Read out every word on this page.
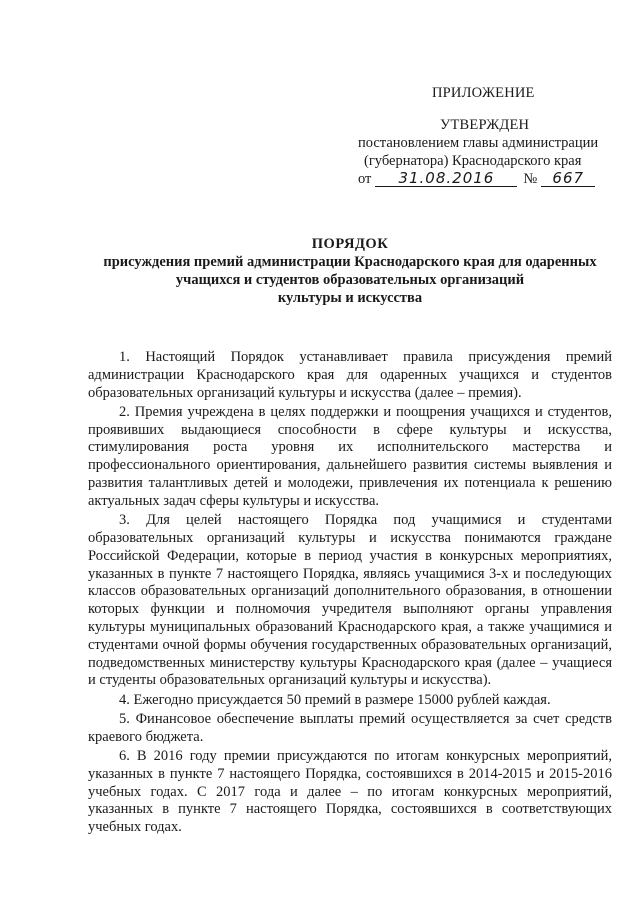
ПРИЛОЖЕНИЕ
УТВЕРЖДЕН
постановлением главы администрации
(губернатора) Краснодарского края
от 31.08.2016 № 667
ПОРЯДОК
присуждения премий администрации Краснодарского края для одаренных
учащихся и студентов образовательных организаций
культуры и искусства

1. Настоящий Порядок устанавливает правила присуждения премий администрации Краснодарского края для одаренных учащихся и студентов образовательных организаций культуры и искусства (далее – премия).

2. Премия учреждена в целях поддержки и поощрения учащихся и студентов, проявивших выдающиеся способности в сфере культуры и искусства, стимулирования роста уровня их исполнительского мастерства и профессионального ориентирования, дальнейшего развития системы выявления и развития талантливых детей и молодежи, привлечения их потенциала к решению актуальных задач сферы культуры и искусства.

3. Для целей настоящего Порядка под учащимися и студентами образовательных организаций культуры и искусства понимаются граждане Российской Федерации, которые в период участия в конкурсных мероприятиях, указанных в пункте 7 настоящего Порядка, являясь учащимися 3-х и последующих классов образовательных организаций дополнительного образования, в отношении которых функции и полномочия учредителя выполняют органы управления культуры муниципальных образований Краснодарского края, а также учащимися и студентами очной формы обучения государственных образовательных организаций, подведомственных министерству культуры Краснодарского края (далее – учащиеся и студенты образовательных организаций культуры и искусства).

4. Ежегодно присуждается 50 премий в размере 15000 рублей каждая.

5. Финансовое обеспечение выплаты премий осуществляется за счет средств краевого бюджета.

6. В 2016 году премии присуждаются по итогам конкурсных мероприятий, указанных в пункте 7 настоящего Порядка, состоявшихся в 2014-2015 и 2015-2016 учебных годах. С 2017 года и далее – по итогам конкурсных мероприятий, указанных в пункте 7 настоящего Порядка, состоявшихся в соответствующих учебных годах.
